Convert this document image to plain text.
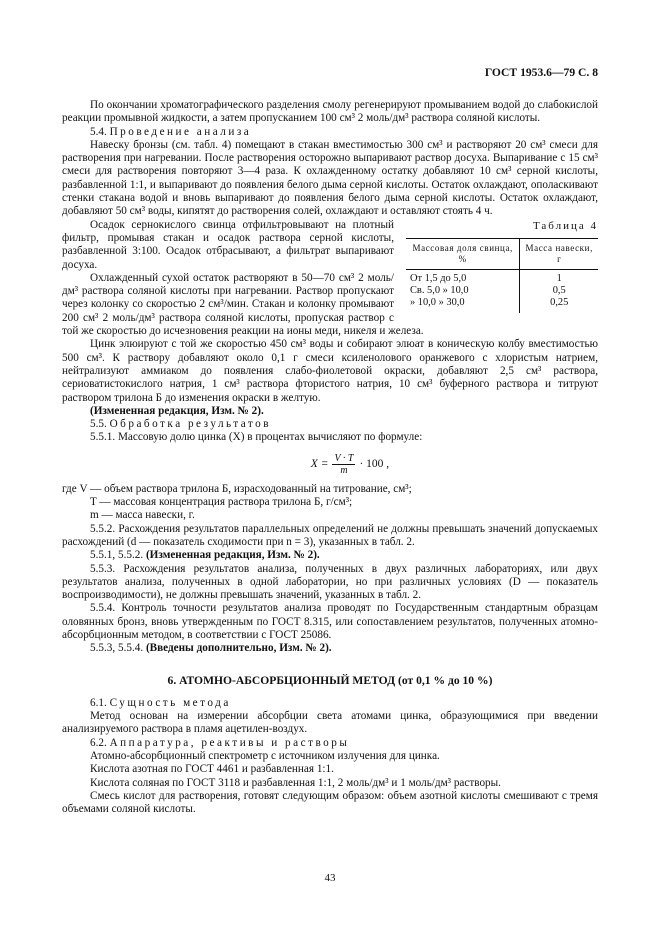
ГОСТ 1953.6—79 С. 8

По окончании хроматографического разделения смолу регенерируют промыванием водой до слабокислой реакции промывной жидкости, а затем пропусканием 100 см³ 2 моль/дм³ раствора соляной кислоты.

5.4. Проведение анализа

Навеску бронзы (см. табл. 4) помещают в стакан вместимостью 300 см³ и растворяют 20 см³ смеси для растворения при нагревании. После растворения осторожно выпаривают раствор досуха. Выпаривание с 15 см³ смеси для растворения повторяют 3—4 раза. К охлажденному остатку добавляют 10 см³ серной кислоты, разбавленной 1:1, и выпаривают до появления белого дыма серной кислоты. Остаток охлаждают, ополаскивают стенки стакана водой и вновь выпаривают до появления белого дыма серной кислоты. Остаток охлаждают, добавляют 50 см³ воды, кипятят до растворения солей, охлаждают и оставляют стоять 4 ч.

Таблица 4
Массовая доля свинца, %	Масса навески, г
От 1,5 до 5,0	1
Св. 5,0 » 10,0	0,5
» 10,0 » 30,0	0,25

Осадок сернокислого свинца отфильтровывают на плотный фильтр, промывая стакан и осадок раствора серной кислоты, разбавленной 3:100. Осадок отбрасывают, а фильтрат выпаривают досуха.

Охлажденный сухой остаток растворяют в 50—70 см³ 2 моль/дм³ раствора соляной кислоты при нагревании. Раствор пропускают через колонку со скоростью 2 см³/мин. Стакан и колонку промывают 200 см³ 2 моль/дм³ раствора соляной кислоты, пропуская раствор с той же скоростью до исчезновения реакции на ионы меди, никеля и железа.

Цинк элюируют с той же скоростью 450 см³ воды и собирают элюат в коническую колбу вместимостью 500 см³. К раствору добавляют около 0,1 г смеси ксиленолового оранжевого с хлористым натрием, нейтрализуют аммиаком до появления слабо-фиолетовой окраски, добавляют 2,5 см³ раствора, сериоватистокислого натрия, 1 см³ раствора фтористого натрия, 10 см³ буферного раствора и титруют раствором трилона Б до изменения окраски в желтую.

(Измененная редакция, Изм. № 2).

5.5. Обработка результатов

5.5.1. Массовую долю цинка (X) в процентах вычисляют по формуле:

$X = \frac{V \cdot T}{m} \cdot 100$ ,

где V — объем раствора трилона Б, израсходованный на титрование, см³;

T — массовая концентрация раствора трилона Б, г/см³;

m — масса навески, г.

5.5.2. Расхождения результатов параллельных определений не должны превышать значений допускаемых расхождений (d — показатель сходимости при n = 3), указанных в табл. 2.

5.5.1, 5.5.2. (Измененная редакция, Изм. № 2).

5.5.3. Расхождения результатов анализа, полученных в двух различных лабораториях, или двух результатов анализа, полученных в одной лаборатории, но при различных условиях (D — показатель воспроизводимости), не должны превышать значений, указанных в табл. 2.

5.5.4. Контроль точности результатов анализа проводят по Государственным стандартным образцам оловянных бронз, вновь утвержденным по ГОСТ 8.315, или сопоставлением результатов, полученных атомно-абсорбционным методом, в соответствии с ГОСТ 25086.

5.5.3, 5.5.4. (Введены дополнительно, Изм. № 2).

6. АТОМНО-АБСОРБЦИОННЫЙ МЕТОД (от 0,1 % до 10 %)

6.1. Сущность метода

Метод основан на измерении абсорбции света атомами цинка, образующимися при введении анализируемого раствора в пламя ацетилен-воздух.

6.2. Аппаратура, реактивы и растворы

Атомно-абсорбционный спектрометр с источником излучения для цинка.

Кислота азотная по ГОСТ 4461 и разбавленная 1:1.

Кислота соляная по ГОСТ 3118 и разбавленная 1:1, 2 моль/дм³ и 1 моль/дм³ растворы.

Смесь кислот для растворения, готовят следующим образом: объем азотной кислоты смешивают с тремя объемами соляной кислоты.

43
